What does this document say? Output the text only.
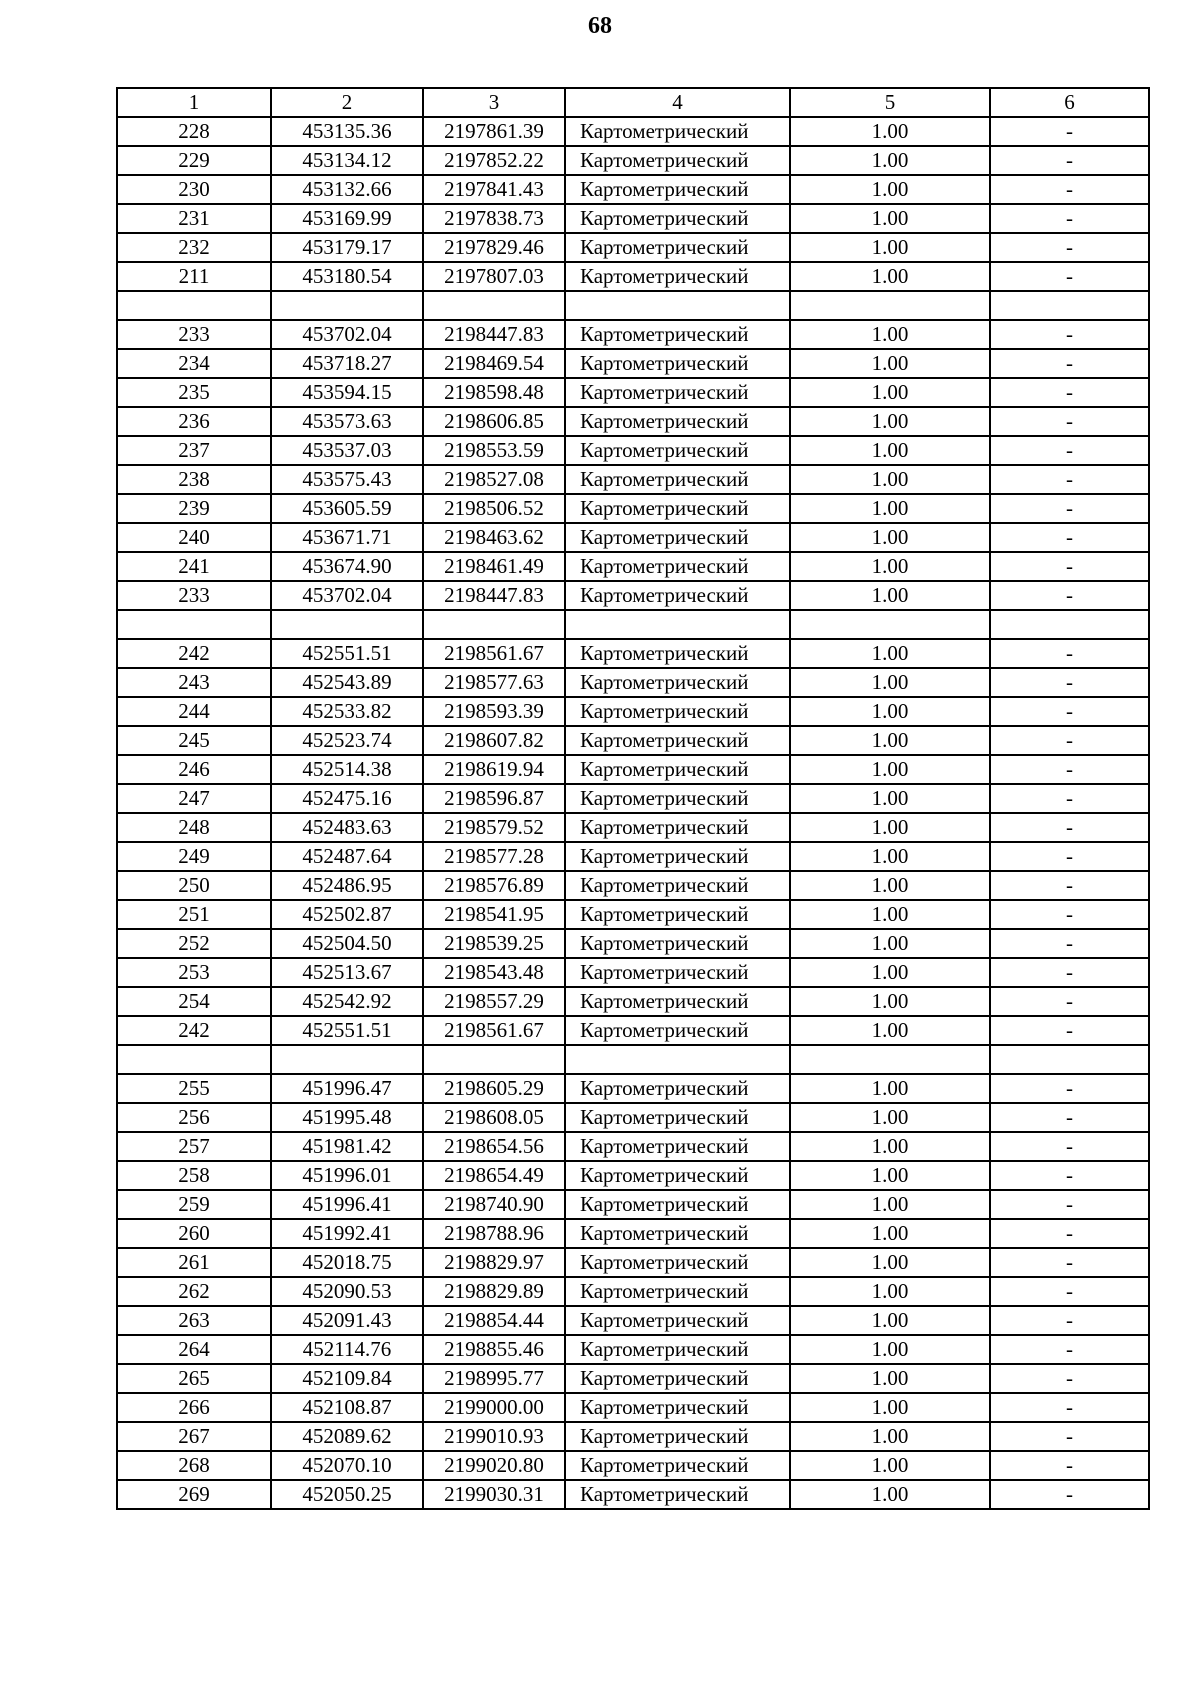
68
1	2	3	4	5	6
228	453135.36	2197861.39	Картометрический	1.00	-
229	453134.12	2197852.22	Картометрический	1.00	-
230	453132.66	2197841.43	Картометрический	1.00	-
231	453169.99	2197838.73	Картометрический	1.00	-
232	453179.17	2197829.46	Картометрический	1.00	-
211	453180.54	2197807.03	Картометрический	1.00	-

233	453702.04	2198447.83	Картометрический	1.00	-
234	453718.27	2198469.54	Картометрический	1.00	-
235	453594.15	2198598.48	Картометрический	1.00	-
236	453573.63	2198606.85	Картометрический	1.00	-
237	453537.03	2198553.59	Картометрический	1.00	-
238	453575.43	2198527.08	Картометрический	1.00	-
239	453605.59	2198506.52	Картометрический	1.00	-
240	453671.71	2198463.62	Картометрический	1.00	-
241	453674.90	2198461.49	Картометрический	1.00	-
233	453702.04	2198447.83	Картометрический	1.00	-

242	452551.51	2198561.67	Картометрический	1.00	-
243	452543.89	2198577.63	Картометрический	1.00	-
244	452533.82	2198593.39	Картометрический	1.00	-
245	452523.74	2198607.82	Картометрический	1.00	-
246	452514.38	2198619.94	Картометрический	1.00	-
247	452475.16	2198596.87	Картометрический	1.00	-
248	452483.63	2198579.52	Картометрический	1.00	-
249	452487.64	2198577.28	Картометрический	1.00	-
250	452486.95	2198576.89	Картометрический	1.00	-
251	452502.87	2198541.95	Картометрический	1.00	-
252	452504.50	2198539.25	Картометрический	1.00	-
253	452513.67	2198543.48	Картометрический	1.00	-
254	452542.92	2198557.29	Картометрический	1.00	-
242	452551.51	2198561.67	Картометрический	1.00	-

255	451996.47	2198605.29	Картометрический	1.00	-
256	451995.48	2198608.05	Картометрический	1.00	-
257	451981.42	2198654.56	Картометрический	1.00	-
258	451996.01	2198654.49	Картометрический	1.00	-
259	451996.41	2198740.90	Картометрический	1.00	-
260	451992.41	2198788.96	Картометрический	1.00	-
261	452018.75	2198829.97	Картометрический	1.00	-
262	452090.53	2198829.89	Картометрический	1.00	-
263	452091.43	2198854.44	Картометрический	1.00	-
264	452114.76	2198855.46	Картометрический	1.00	-
265	452109.84	2198995.77	Картометрический	1.00	-
266	452108.87	2199000.00	Картометрический	1.00	-
267	452089.62	2199010.93	Картометрический	1.00	-
268	452070.10	2199020.80	Картометрический	1.00	-
269	452050.25	2199030.31	Картометрический	1.00	-
